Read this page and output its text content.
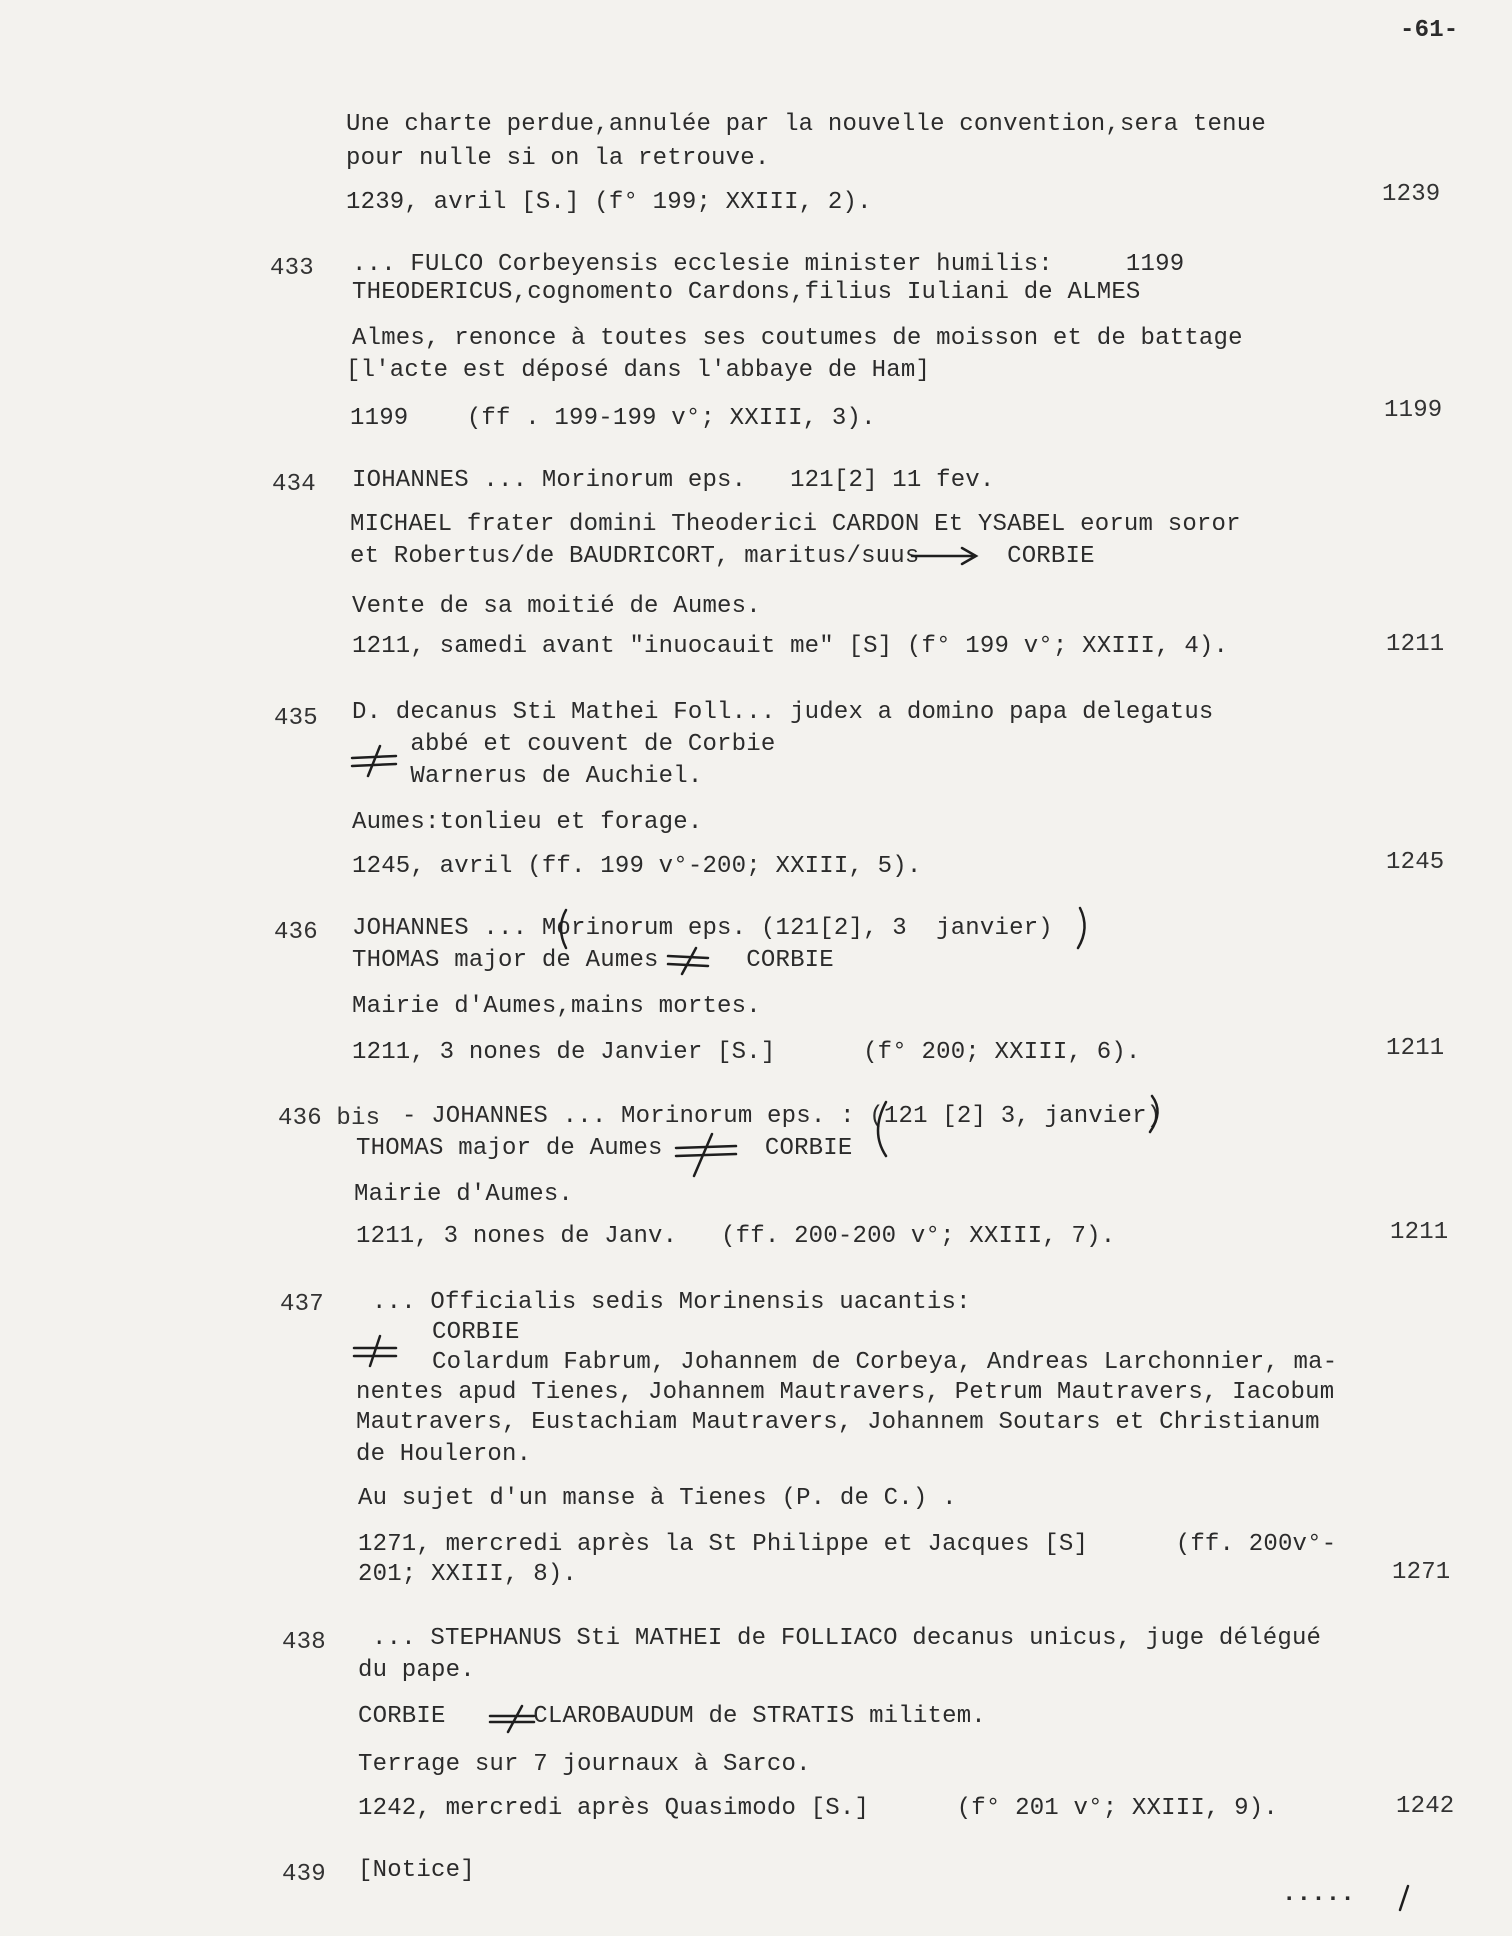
-61-
Une charte perdue,annulée par la nouvelle convention,sera tenue
pour nulle si on la retrouve.
1239, avril [S.] (f° 199; XXIII, 2).	1239
433 ... FULCO Corbeyensis ecclesie minister humilis:     1199
THEODERICUS,cognomento Cardons,filius Iuliani de ALMES
Almes, renonce à toutes ses coutumes de moisson et de battage
[l'acte est déposé dans l'abbaye de Ham]
1199    (ff . 199-199 v°; XXIII, 3).	1199
434 IOHANNES ... Morinorum eps.   121[2] 11 fev.
MICHAEL frater domini Theoderici CARDON Et YSABEL eorum soror
et Robertus/de BAUDRICORT, maritus/suus      CORBIE
Vente de sa moitié de Aumes.
1211, samedi avant "inuocauit me" [S] (f° 199 v°; XXIII, 4).	1211
435 D. decanus Sti Mathei Foll... judex a domino papa delegatus
abbé et couvent de Corbie
Warnerus de Auchiel.
Aumes:tonlieu et forage.
1245, avril (ff. 199 v°-200; XXIII, 5).	1245
436 JOHANNES ... Morinorum eps. (121[2], 3  janvier)
THOMAS major de Aumes      CORBIE
Mairie d'Aumes,mains mortes.
1211, 3 nones de Janvier [S.]      (f° 200; XXIII, 6).	1211
436 bis - JOHANNES ... Morinorum eps. : (121 [2] 3, janvier)
THOMAS major de Aumes       CORBIE
Mairie d'Aumes.
1211, 3 nones de Janv.   (ff. 200-200 v°; XXIII, 7).	1211
437 ... Officialis sedis Morinensis uacantis:
CORBIE
Colardum Fabrum, Johannem de Corbeya, Andreas Larchonnier, ma-
nentes apud Tienes, Johannem Mautravers, Petrum Mautravers, Iacobum
Mautravers, Eustachiam Mautravers, Johannem Soutars et Christianum
de Houleron.
Au sujet d'un manse à Tienes (P. de C.) .
1271, mercredi après la St Philippe et Jacques [S]      (ff. 200v°-
201; XXIII, 8).	1271
438 ... STEPHANUS Sti MATHEI de FOLLIACO decanus unicus, juge délégué
du pape.
CORBIE      CLAROBAUDUM de STRATIS militem.
Terrage sur 7 journaux à Sarco.
1242, mercredi après Quasimodo [S.]      (f° 201 v°; XXIII, 9).	1242
439 [Notice]
.....
